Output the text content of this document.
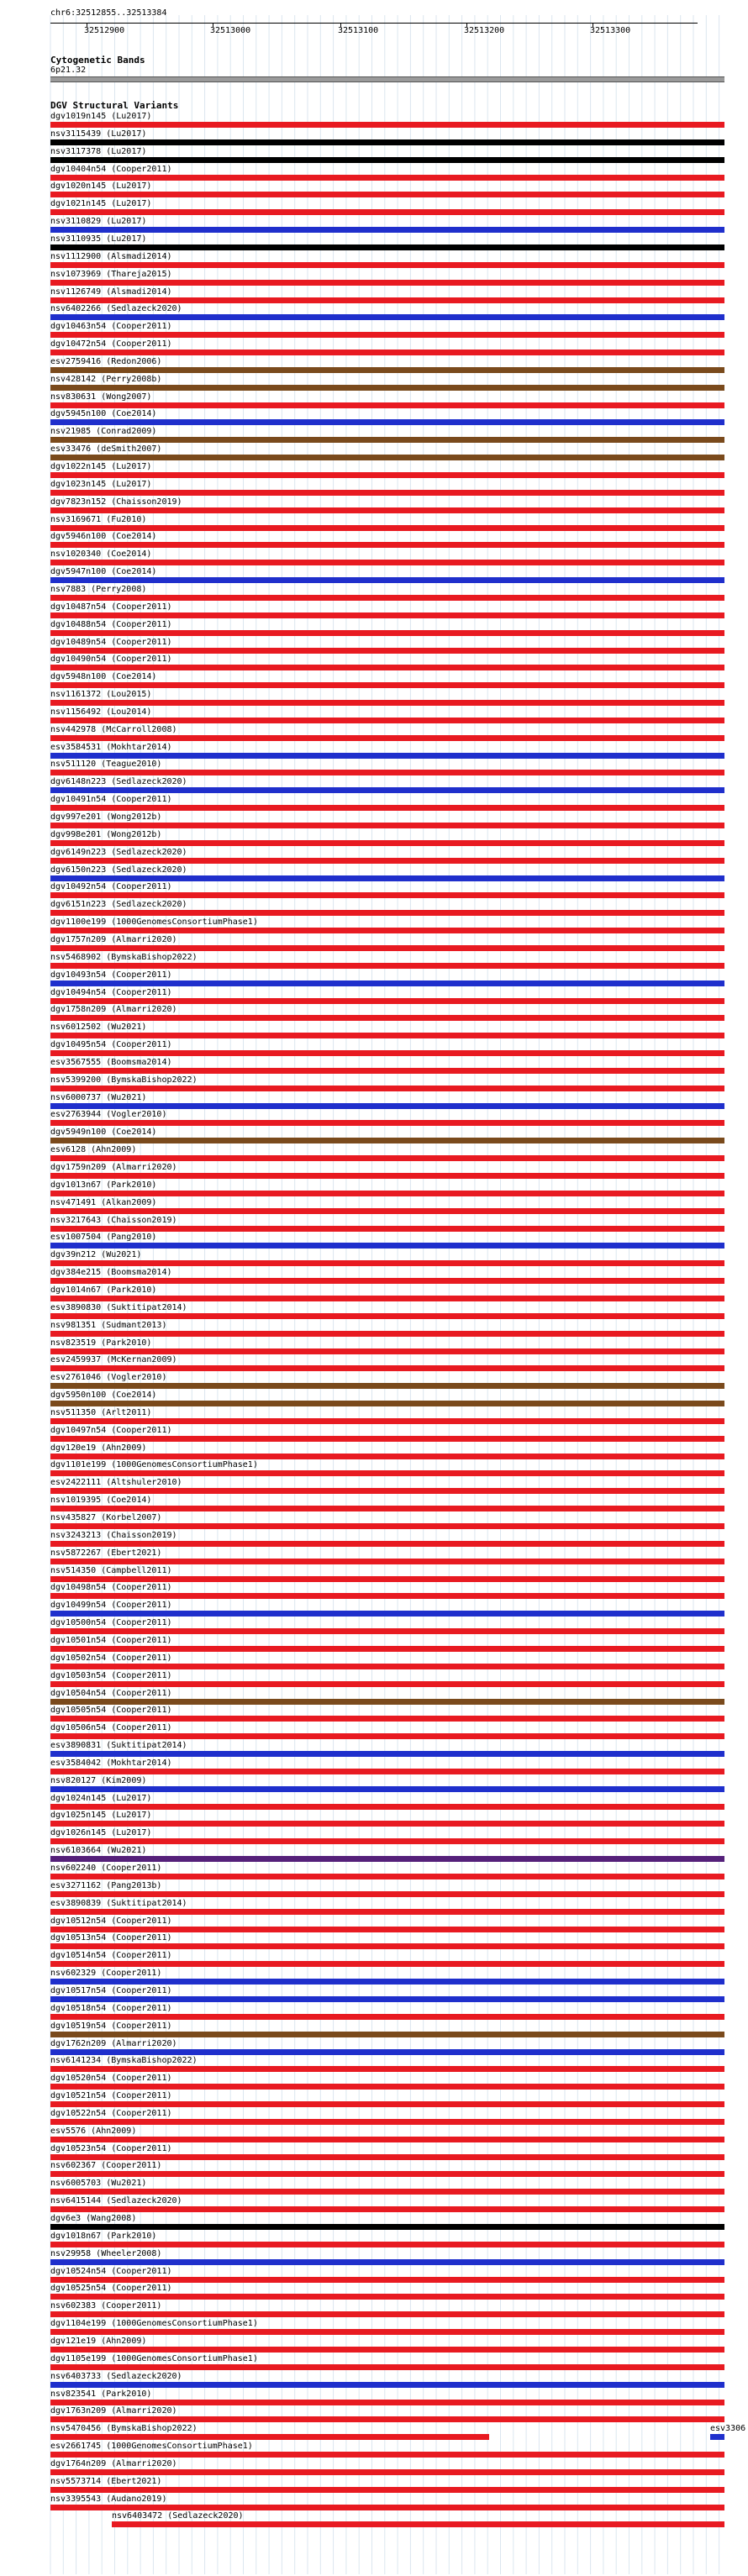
chr6:32512855..32513384
32512900	32513000	32513100	32513200	32513300
Cytogenetic Bands
6p21.32
DGV Structural Variants
dgv1019n145 (Lu2017)
nsv3115439 (Lu2017)
nsv3117378 (Lu2017)
dgv10404n54 (Cooper2011)
dgv1020n145 (Lu2017)
dgv1021n145 (Lu2017)
nsv3110829 (Lu2017)
nsv3110935 (Lu2017)
nsv1112900 (Alsmadi2014)
nsv1073969 (Thareja2015)
nsv1126749 (Alsmadi2014)
nsv6402266 (Sedlazeck2020)
dgv10463n54 (Cooper2011)
dgv10472n54 (Cooper2011)
esv2759416 (Redon2006)
nsv428142 (Perry2008b)
nsv830631 (Wong2007)
dgv5945n100 (Coe2014)
nsv21985 (Conrad2009)
esv33476 (deSmith2007)
dgv1022n145 (Lu2017)
dgv1023n145 (Lu2017)
dgv7823n152 (Chaisson2019)
nsv3169671 (Fu2010)
dgv5946n100 (Coe2014)
nsv1020340 (Coe2014)
dgv5947n100 (Coe2014)
nsv7883 (Perry2008)
dgv10487n54 (Cooper2011)
dgv10488n54 (Cooper2011)
dgv10489n54 (Cooper2011)
dgv10490n54 (Cooper2011)
dgv5948n100 (Coe2014)
nsv1161372 (Lou2015)
nsv1156492 (Lou2014)
nsv442978 (McCarroll2008)
esv3584531 (Mokhtar2014)
nsv511120 (Teague2010)
dgv6148n223 (Sedlazeck2020)
dgv10491n54 (Cooper2011)
dgv997e201 (Wong2012b)
dgv998e201 (Wong2012b)
dgv6149n223 (Sedlazeck2020)
dgv6150n223 (Sedlazeck2020)
dgv10492n54 (Cooper2011)
dgv6151n223 (Sedlazeck2020)
dgv1100e199 (1000GenomesConsortiumPhase1)
dgv1757n209 (Almarri2020)
nsv5468902 (BymskaBishop2022)
dgv10493n54 (Cooper2011)
dgv10494n54 (Cooper2011)
dgv1758n209 (Almarri2020)
nsv6012502 (Wu2021)
dgv10495n54 (Cooper2011)
esv3567555 (Boomsma2014)
nsv5399200 (BymskaBishop2022)
nsv6000737 (Wu2021)
esv2763944 (Vogler2010)
dgv5949n100 (Coe2014)
esv6128 (Ahn2009)
dgv1759n209 (Almarri2020)
dgv1013n67 (Park2010)
nsv471491 (Alkan2009)
nsv3217643 (Chaisson2019)
esv1007504 (Pang2010)
dgv39n212 (Wu2021)
dgv384e215 (Boomsma2014)
dgv1014n67 (Park2010)
esv3890830 (Suktitipat2014)
nsv981351 (Sudmant2013)
nsv823519 (Park2010)
esv2459937 (McKernan2009)
esv2761046 (Vogler2010)
dgv5950n100 (Coe2014)
nsv511350 (Arlt2011)
dgv10497n54 (Cooper2011)
dgv120e19 (Ahn2009)
dgv1101e199 (1000GenomesConsortiumPhase1)
esv2422111 (Altshuler2010)
nsv1019395 (Coe2014)
nsv435827 (Korbel2007)
nsv3243213 (Chaisson2019)
nsv5872267 (Ebert2021)
nsv514350 (Campbell2011)
dgv10498n54 (Cooper2011)
dgv10499n54 (Cooper2011)
dgv10500n54 (Cooper2011)
dgv10501n54 (Cooper2011)
dgv10502n54 (Cooper2011)
dgv10503n54 (Cooper2011)
dgv10504n54 (Cooper2011)
dgv10505n54 (Cooper2011)
dgv10506n54 (Cooper2011)
esv3890831 (Suktitipat2014)
esv3584042 (Mokhtar2014)
nsv820127 (Kim2009)
dgv1024n145 (Lu2017)
dgv1025n145 (Lu2017)
dgv1026n145 (Lu2017)
nsv6103664 (Wu2021)
nsv602240 (Cooper2011)
esv3271162 (Pang2013b)
esv3890839 (Suktitipat2014)
dgv10512n54 (Cooper2011)
dgv10513n54 (Cooper2011)
dgv10514n54 (Cooper2011)
nsv602329 (Cooper2011)
dgv10517n54 (Cooper2011)
dgv10518n54 (Cooper2011)
dgv10519n54 (Cooper2011)
dgv1762n209 (Almarri2020)
nsv6141234 (BymskaBishop2022)
dgv10520n54 (Cooper2011)
dgv10521n54 (Cooper2011)
dgv10522n54 (Cooper2011)
esv5576 (Ahn2009)
dgv10523n54 (Cooper2011)
nsv602367 (Cooper2011)
nsv6005703 (Wu2021)
nsv6415144 (Sedlazeck2020)
dgv6e3 (Wang2008)
dgv1018n67 (Park2010)
nsv29958 (Wheeler2008)
dgv10524n54 (Cooper2011)
dgv10525n54 (Cooper2011)
nsv602383 (Cooper2011)
dgv1104e199 (1000GenomesConsortiumPhase1)
dgv121e19 (Ahn2009)
dgv1105e199 (1000GenomesConsortiumPhase1)
nsv6403733 (Sedlazeck2020)
nsv823541 (Park2010)
dgv1763n209 (Almarri2020)
nsv5470456 (BymskaBishop2022)	esv3306
esv2661745 (1000GenomesConsortiumPhase1)
dgv1764n209 (Almarri2020)
nsv5573714 (Ebert2021)
nsv3395543 (Audano2019)
nsv6403472 (Sedlazeck2020)
